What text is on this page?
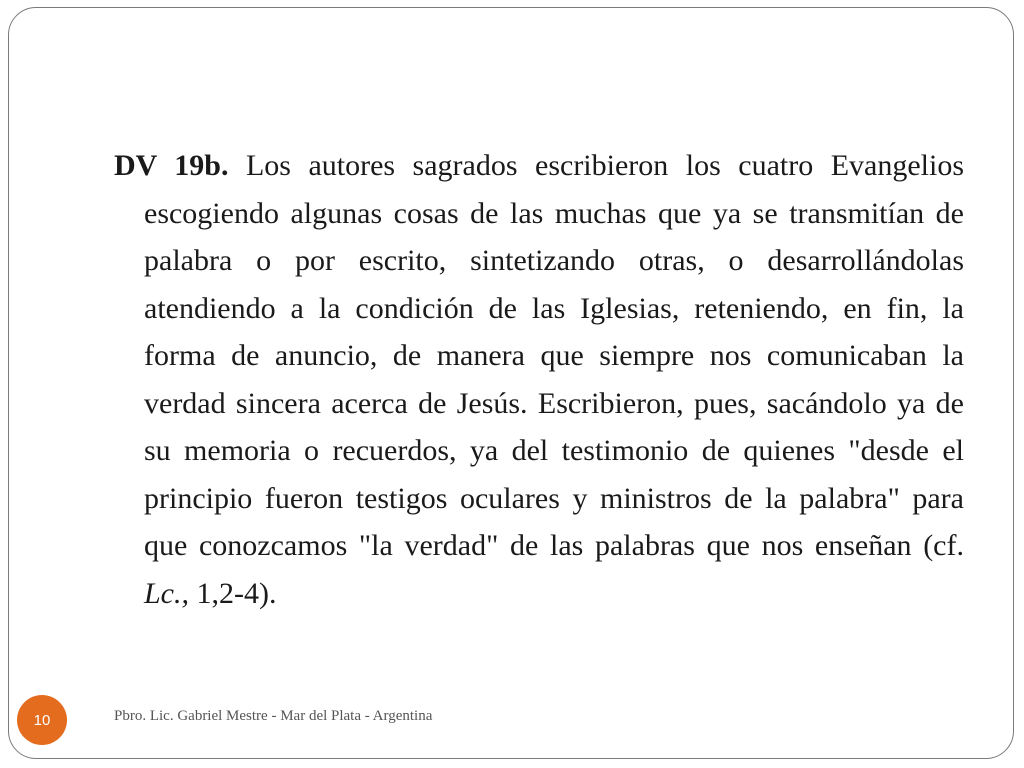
DV 19b. Los autores sagrados escribieron los cuatro Evangelios escogiendo algunas cosas de las muchas que ya se transmitían de palabra o por escrito, sintetizando otras, o desarrollándolas atendiendo a la condición de las Iglesias, reteniendo, en fin, la forma de anuncio, de manera que siempre nos comunicaban la verdad sincera acerca de Jesús. Escribieron, pues, sacándolo ya de su memoria o recuerdos, ya del testimonio de quienes "desde el principio fueron testigos oculares y ministros de la palabra" para que conozcamos "la verdad" de las palabras que nos enseñan (cf. Lc., 1,2-4).

10	Pbro. Lic. Gabriel Mestre - Mar del Plata - Argentina
